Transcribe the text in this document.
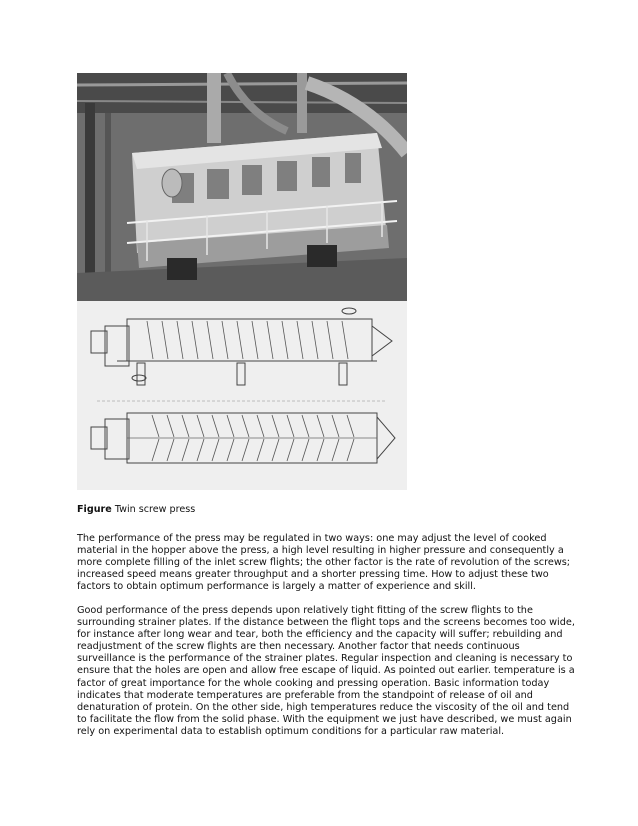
Figure Twin screw press

The performance of the press may be regulated in two ways: one may adjust the level of cooked
material in the hopper above the press, a high level resulting in higher pressure and consequently a
more complete filling of the inlet screw flights; the other factor is the rate of revolution of the screws;
increased speed means greater throughput and a shorter pressing time. How to adjust these two
factors to obtain optimum performance is largely a matter of experience and skill.

Good performance of the press depends upon relatively tight fitting of the screw flights to the
surrounding strainer plates. If the distance between the flight tops and the screens becomes too wide,
for instance after long wear and tear, both the efficiency and the capacity will suffer; rebuilding and
readjustment of the screw flights are then necessary. Another factor that needs continuous
surveillance is the performance of the strainer plates. Regular inspection and cleaning is necessary to
ensure that the holes are open and allow free escape of liquid. As pointed out earlier. temperature is a
factor of great importance for the whole cooking and pressing operation. Basic information today
indicates that moderate temperatures are preferable from the standpoint of release of oil and
denaturation of protein. On the other side, high temperatures reduce the viscosity of the oil and tend
to facilitate the flow from the solid phase. With the equipment we just have described, we must again
rely on experimental data to establish optimum conditions for a particular raw material.
